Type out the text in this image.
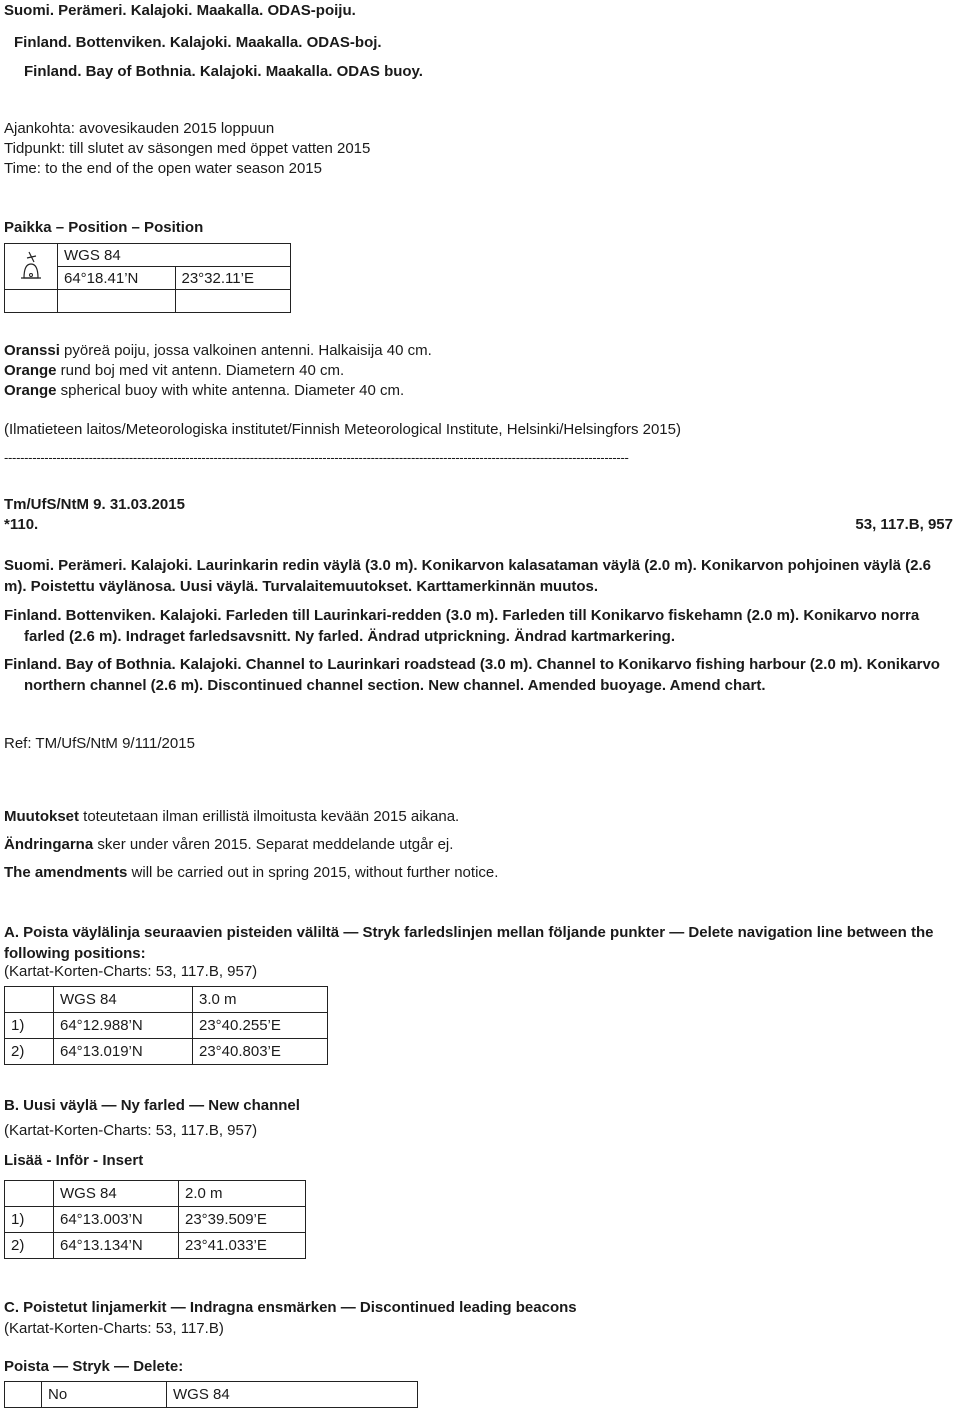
Suomi. Perämeri. Kalajoki. Maakalla. ODAS-poiju.
Finland. Bottenviken. Kalajoki. Maakalla. ODAS-boj.
Finland. Bay of Bothnia. Kalajoki. Maakalla. ODAS buoy.
Ajankohta: avovesikauden 2015 loppuun
Tidpunkt: till slutet av säsongen med öppet vatten 2015
Time: to the end of the open water season 2015
Paikka – Position – Position
	WGS 84	
	64°18.41’N	23°32.11’E

Oranssi pyöreä poiju, jossa valkoinen antenni. Halkaisija 40 cm.
Orange rund boj med vit antenn. Diametern 40 cm.
Orange spherical buoy with white antenna. Diameter 40 cm.
(Ilmatieteen laitos/Meteorologiska institutet/Finnish Meteorological Institute, Helsinki/Helsingfors 2015)
-----------------------------------------------------------------------------------------------------------------------------------------------------------
Tm/UfS/NtM 9. 31.03.2015
*110.	53, 117.B, 957
Suomi. Perämeri. Kalajoki. Laurinkarin redin väylä (3.0 m). Konikarvon kalasataman väylä (2.0 m). Konikarvon pohjoinen väylä (2.6 m). Poistettu väylänosa. Uusi väylä. Turvalaitemuutokset. Karttamerkinnän muutos.
Finland. Bottenviken. Kalajoki. Farleden till Laurinkari-redden (3.0 m). Farleden till Konikarvo fiskehamn (2.0 m). Konikarvo norra farled (2.6 m). Indraget farledsavsnitt. Ny farled. Ändrad utprickning. Ändrad kartmarkering.
Finland. Bay of Bothnia. Kalajoki. Channel to Laurinkari roadstead (3.0 m). Channel to Konikarvo fishing harbour (2.0 m). Konikarvo northern channel (2.6 m). Discontinued channel section. New channel. Amended buoyage. Amend chart.
Ref: TM/UfS/NtM 9/111/2015
Muutokset toteutetaan ilman erillistä ilmoitusta kevään 2015 aikana.
Ändringarna sker under våren 2015. Separat meddelande utgår ej.
The amendments will be carried out in spring 2015, without further notice.
A. Poista väylälinja seuraavien pisteiden väliltä — Stryk farledslinjen mellan följande punkter — Delete navigation line between the following positions:
(Kartat-Korten-Charts: 53, 117.B, 957)
	WGS 84	3.0 m
1)	64°12.988’N	23°40.255’E
2)	64°13.019’N	23°40.803’E
B. Uusi väylä — Ny farled — New channel
(Kartat-Korten-Charts: 53, 117.B, 957)
Lisää - Inför - Insert
	WGS 84	2.0 m
1)	64°13.003’N	23°39.509’E
2)	64°13.134’N	23°41.033’E
C. Poistetut linjamerkit — Indragna ensmärken — Discontinued leading beacons
(Kartat-Korten-Charts: 53, 117.B)
Poista — Stryk — Delete:
	No	WGS 84
